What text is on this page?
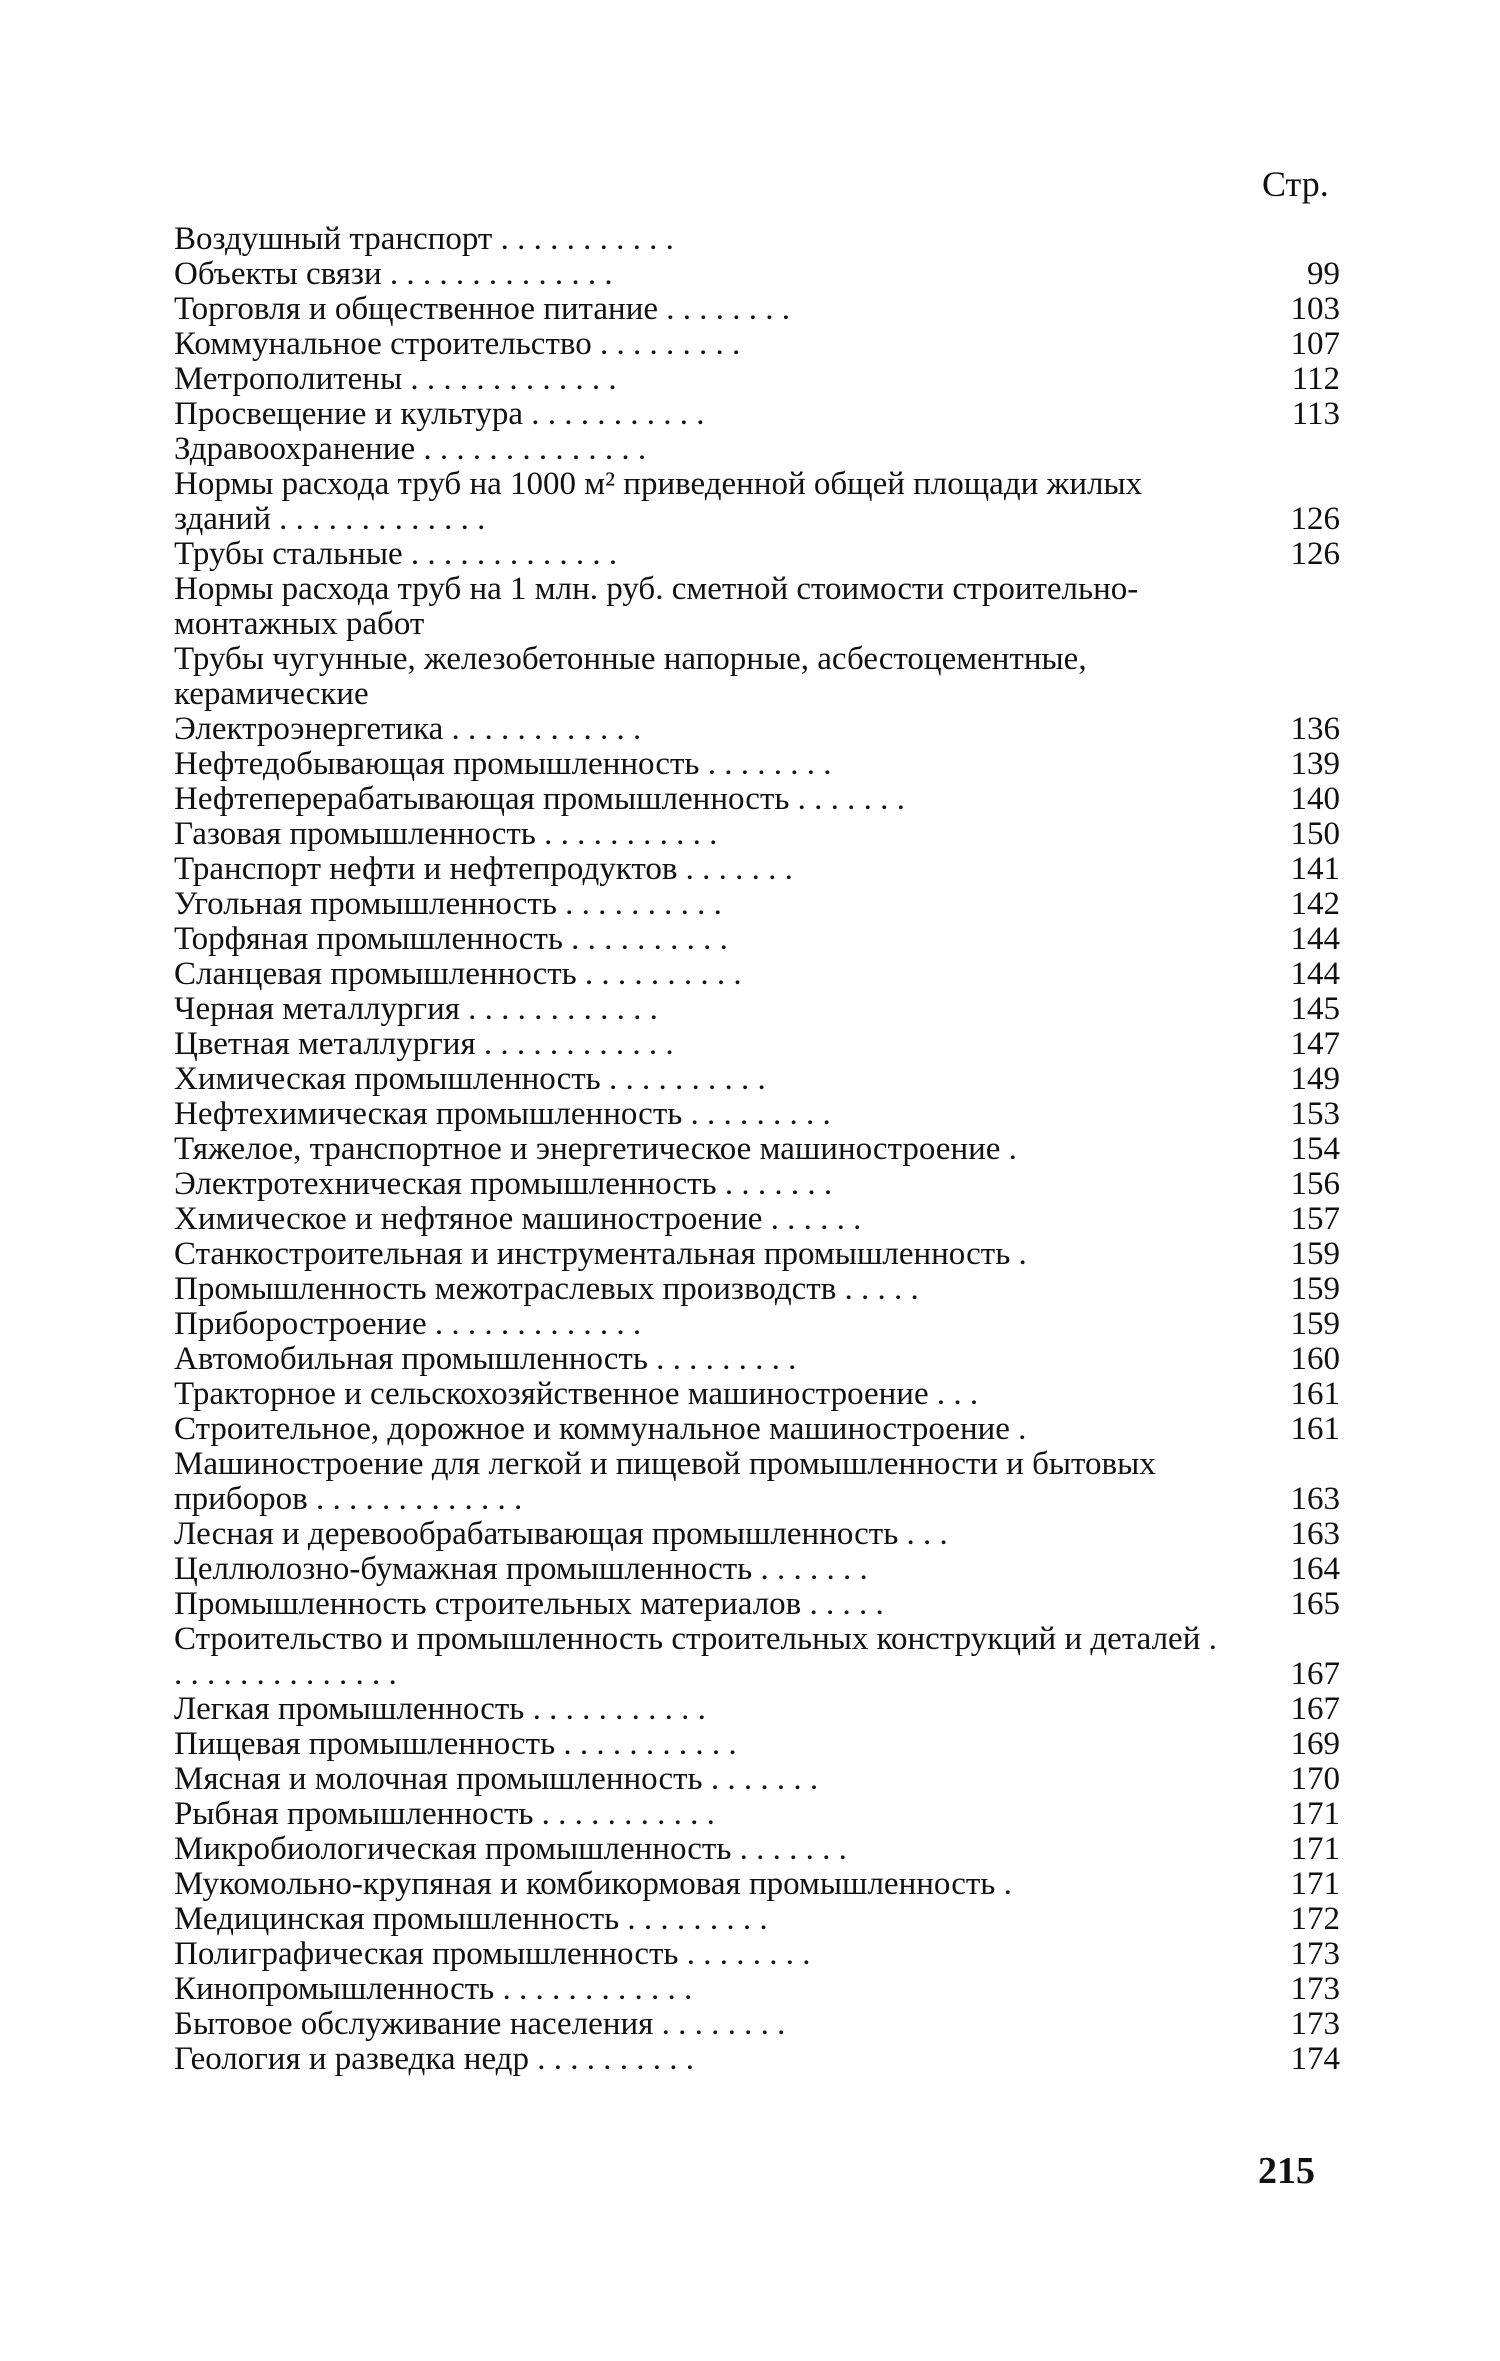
Стр.
Воздушный транспорт . . . . . . . . . . .
Объекты связи . . . . . . . . . . . . . .	99
Торговля и общественное питание . . . . . . . .	103
Коммунальное строительство . . . . . . . . .	107
Метрополитены . . . . . . . . . . . . .	112
Просвещение и культура . . . . . . . . . . .	113
Здравоохранение . . . . . . . . . . . . . .
Нормы расхода труб на 1000 м² приведенной общей площади жилых зданий . . . . . . . . . . . . .	126
Трубы стальные . . . . . . . . . . . . .	126
Нормы расхода труб на 1 млн. руб. сметной стоимости строительно-монтажных работ
Трубы чугунные, железобетонные напорные, асбестоцементные, керамические
Электроэнергетика . . . . . . . . . . . .	136
Нефтедобывающая промышленность . . . . . . . .	139
Нефтеперерабатывающая промышленность . . . . . . .	140
Газовая промышленность . . . . . . . . . . .	150
Транспорт нефти и нефтепродуктов . . . . . . .	141
Угольная промышленность . . . . . . . . . .	142
Торфяная промышленность . . . . . . . . . .	144
Сланцевая промышленность . . . . . . . . . .	144
Черная металлургия . . . . . . . . . . . .	145
Цветная металлургия . . . . . . . . . . . .	147
Химическая промышленность . . . . . . . . . .	149
Нефтехимическая промышленность . . . . . . . . .	153
Тяжелое, транспортное и энергетическое машиностроение .	154
Электротехническая промышленность . . . . . . .	156
Химическое и нефтяное машиностроение . . . . . .	157
Станкостроительная и инструментальная промышленность .	159
Промышленность межотраслевых производств . . . . .	159
Приборостроение . . . . . . . . . . . . .	159
Автомобильная промышленность . . . . . . . . .	160
Тракторное и сельскохозяйственное машиностроение . . .	161
Строительное, дорожное и коммунальное машиностроение .	161
Машиностроение для легкой и пищевой промышленности и бытовых приборов . . . . . . . . . . . . .	163
Лесная и деревообрабатывающая промышленность . . .	163
Целлюлозно-бумажная промышленность . . . . . . .	164
Промышленность строительных материалов . . . . .	165
Строительство и промышленность строительных конструкций и деталей . . . . . . . . . . . . . . .	167
Легкая промышленность . . . . . . . . . . .	167
Пищевая промышленность . . . . . . . . . . .	169
Мясная и молочная промышленность . . . . . . .	170
Рыбная промышленность . . . . . . . . . . .	171
Микробиологическая промышленность . . . . . . .	171
Мукомольно-крупяная и комбикормовая промышленность .	171
Медицинская промышленность . . . . . . . . .	172
Полиграфическая промышленность . . . . . . . .	173
Кинопромышленность . . . . . . . . . . . .	173
Бытовое обслуживание населения . . . . . . . .	173
Геология и разведка недр . . . . . . . . . .	174
215
